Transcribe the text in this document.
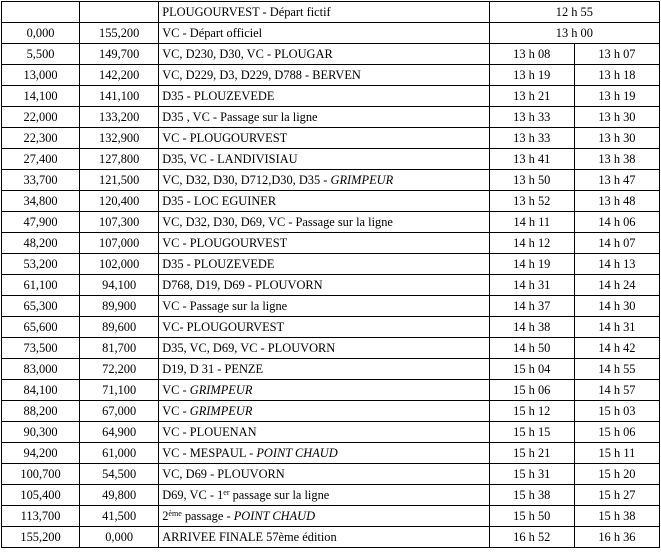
		PLOUGOURVEST - Départ fictif	12 h 55	
0,000	155,200	VC - Départ officiel	13 h 00	
5,500	149,700	VC, D230, D30, VC - PLOUGAR	13 h 08	13 h 07
13,000	142,200	VC, D229, D3, D229, D788 - BERVEN	13 h 19	13 h 18
14,100	141,100	D35 - PLOUZEVEDE	13 h 21	13 h 19
22,000	133,200	D35 , VC - Passage sur la ligne	13 h 33	13 h 30
22,300	132,900	VC - PLOUGOURVEST	13 h 33	13 h 30
27,400	127,800	D35, VC - LANDIVISIAU	13 h 41	13 h 38
33,700	121,500	VC, D32, D30, D712,D30, D35 - GRIMPEUR	13 h 50	13 h 47
34,800	120,400	D35 - LOC EGUINER	13 h 52	13 h 48
47,900	107,300	VC, D32, D30, D69, VC - Passage sur la ligne	14 h 11	14 h 06
48,200	107,000	VC - PLOUGOURVEST	14 h 12	14 h 07
53,200	102,000	D35 - PLOUZEVEDE	14 h 19	14 h 13
61,100	94,100	D768, D19, D69 - PLOUVORN	14 h 31	14 h 24
65,300	89,900	VC - Passage sur la ligne	14 h 37	14 h 30
65,600	89,600	VC- PLOUGOURVEST	14 h 38	14 h 31
73,500	81,700	D35, VC, D69, VC - PLOUVORN	14 h 50	14 h 42
83,000	72,200	D19, D 31 - PENZE	15 h 04	14 h 55
84,100	71,100	VC - GRIMPEUR	15 h 06	14 h 57
88,200	67,000	VC - GRIMPEUR	15 h 12	15 h 03
90,300	64,900	VC - PLOUENAN	15 h 15	15 h 06
94,200	61,000	VC - MESPAUL - POINT CHAUD	15 h 21	15 h 11
100,700	54,500	VC, D69 - PLOUVORN	15 h 31	15 h 20
105,400	49,800	D69, VC - 1er passage sur la ligne	15 h 38	15 h 27
113,700	41,500	2ème passage - POINT CHAUD	15 h 50	15 h 38
155,200	0,000	ARRIVEE FINALE 57ème édition	16 h 52	16 h 36
